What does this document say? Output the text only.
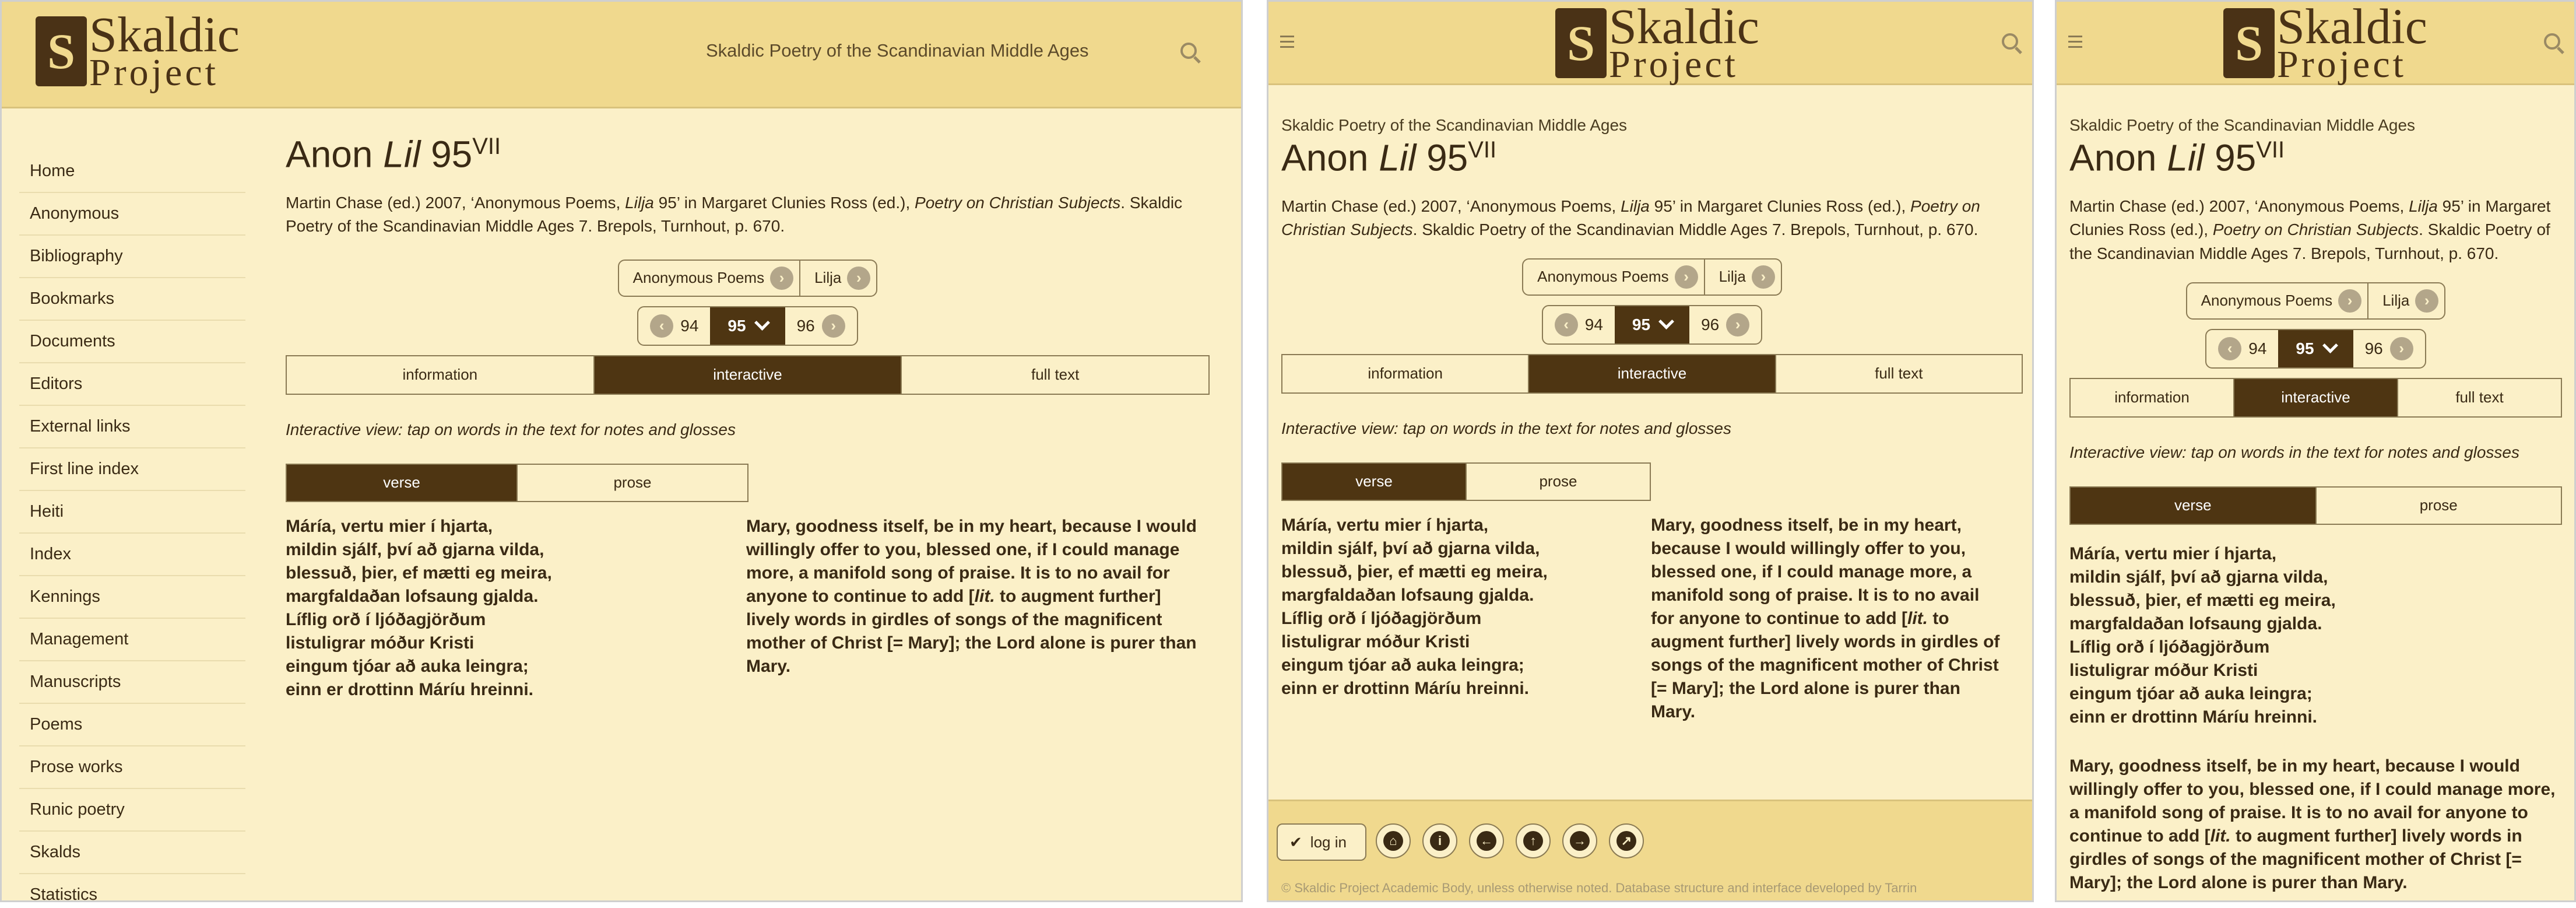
S Skaldic
Project
Skaldic Poetry of the Scandinavian Middle Ages
Home
Anonymous
Bibliography
Bookmarks
Documents
Editors
External links
First line index
Heiti
Index
Kennings
Management
Manuscripts
Poems
Prose works
Runic poetry
Skalds
Statistics
Anon Lil $95^{VII}$
Martin Chase (ed.) 2007, ‘Anonymous Poems, Lilja 95’ in Margaret Clunies Ross (ed.), Poetry on Christian Subjects. Skaldic Poetry of the Scandinavian Middle Ages 7. Brepols, Turnhout, p. 670.
Anonymous Poems ›	Lilja ›
‹ 94 95	96	›
information	interactive	full text
Interactive view: tap on words in the text for notes and glosses
verse	prose
Máría, vertu mier í hjarta,
mildin sjálf, því að gjarna vilda,
blessuð, þier, ef mætti eg meira,
margfaldaðan lofsaung gjalda.
Líflig orð í ljóðagjörðum
listuligrar móður Kristi
eingum tjóar að auka leingra;
einn er drottinn Máríu hreinni.
Mary, goodness itself, be in my heart, because I would willingly offer to you, blessed one, if I could manage more, a manifold song of praise. It is to no avail for anyone to continue to add [lit. to augment further] lively words in girdles of songs of the magnificent mother of Christ [= Mary]; the Lord alone is purer than Mary.
S Skaldic
Project
Skaldic Poetry of the Scandinavian Middle Ages
Anon Lil $95^{VII}$
Martin Chase (ed.) 2007, ‘Anonymous Poems, Lilja 95’ in Margaret Clunies Ross (ed.), Poetry on Christian Subjects. Skaldic Poetry of the Scandinavian Middle Ages 7. Brepols, Turnhout, p. 670.
Anonymous Poems ›	Lilja ›
‹ 94 95	96	›
information	interactive	full text
Interactive view: tap on words in the text for notes and glosses
verse	prose
Máría, vertu mier í hjarta,
mildin sjálf, því að gjarna vilda,
blessuð, þier, ef mætti eg meira,
margfaldaðan lofsaung gjalda.
Líflig orð í ljóðagjörðum
listuligrar móður Kristi
eingum tjóar að auka leingra;
einn er drottinn Máríu hreinni.
Mary, goodness itself, be in my heart, because I would willingly offer to you, blessed one, if I could manage more, a manifold song of praise. It is to no avail for anyone to continue to add [lit. to augment further] lively words in girdles of songs of the magnificent mother of Christ [= Mary]; the Lord alone is purer than Mary.
✔ log in	⌂	i	←	↑	→	↗
© Skaldic Project Academic Body, unless otherwise noted. Database structure and interface developed by Tarrin
S Skaldic
Project
Skaldic Poetry of the Scandinavian Middle Ages
Anon Lil $95^{VII}$
Martin Chase (ed.) 2007, ‘Anonymous Poems, Lilja 95’ in Margaret Clunies Ross (ed.), Poetry on Christian Subjects. Skaldic Poetry of the Scandinavian Middle Ages 7. Brepols, Turnhout, p. 670.
Anonymous Poems ›	Lilja ›
‹ 94 95	96	›
information	interactive	full text
Interactive view: tap on words in the text for notes and glosses
verse	prose
Máría, vertu mier í hjarta,
mildin sjálf, því að gjarna vilda,
blessuð, þier, ef mætti eg meira,
margfaldaðan lofsaung gjalda.
Líflig orð í ljóðagjörðum
listuligrar móður Kristi
eingum tjóar að auka leingra;
einn er drottinn Máríu hreinni.
Mary, goodness itself, be in my heart, because I would willingly offer to you, blessed one, if I could manage more, a manifold song of praise. It is to no avail for anyone to continue to add [lit. to augment further] lively words in girdles of songs of the magnificent mother of Christ [= Mary]; the Lord alone is purer than Mary.
